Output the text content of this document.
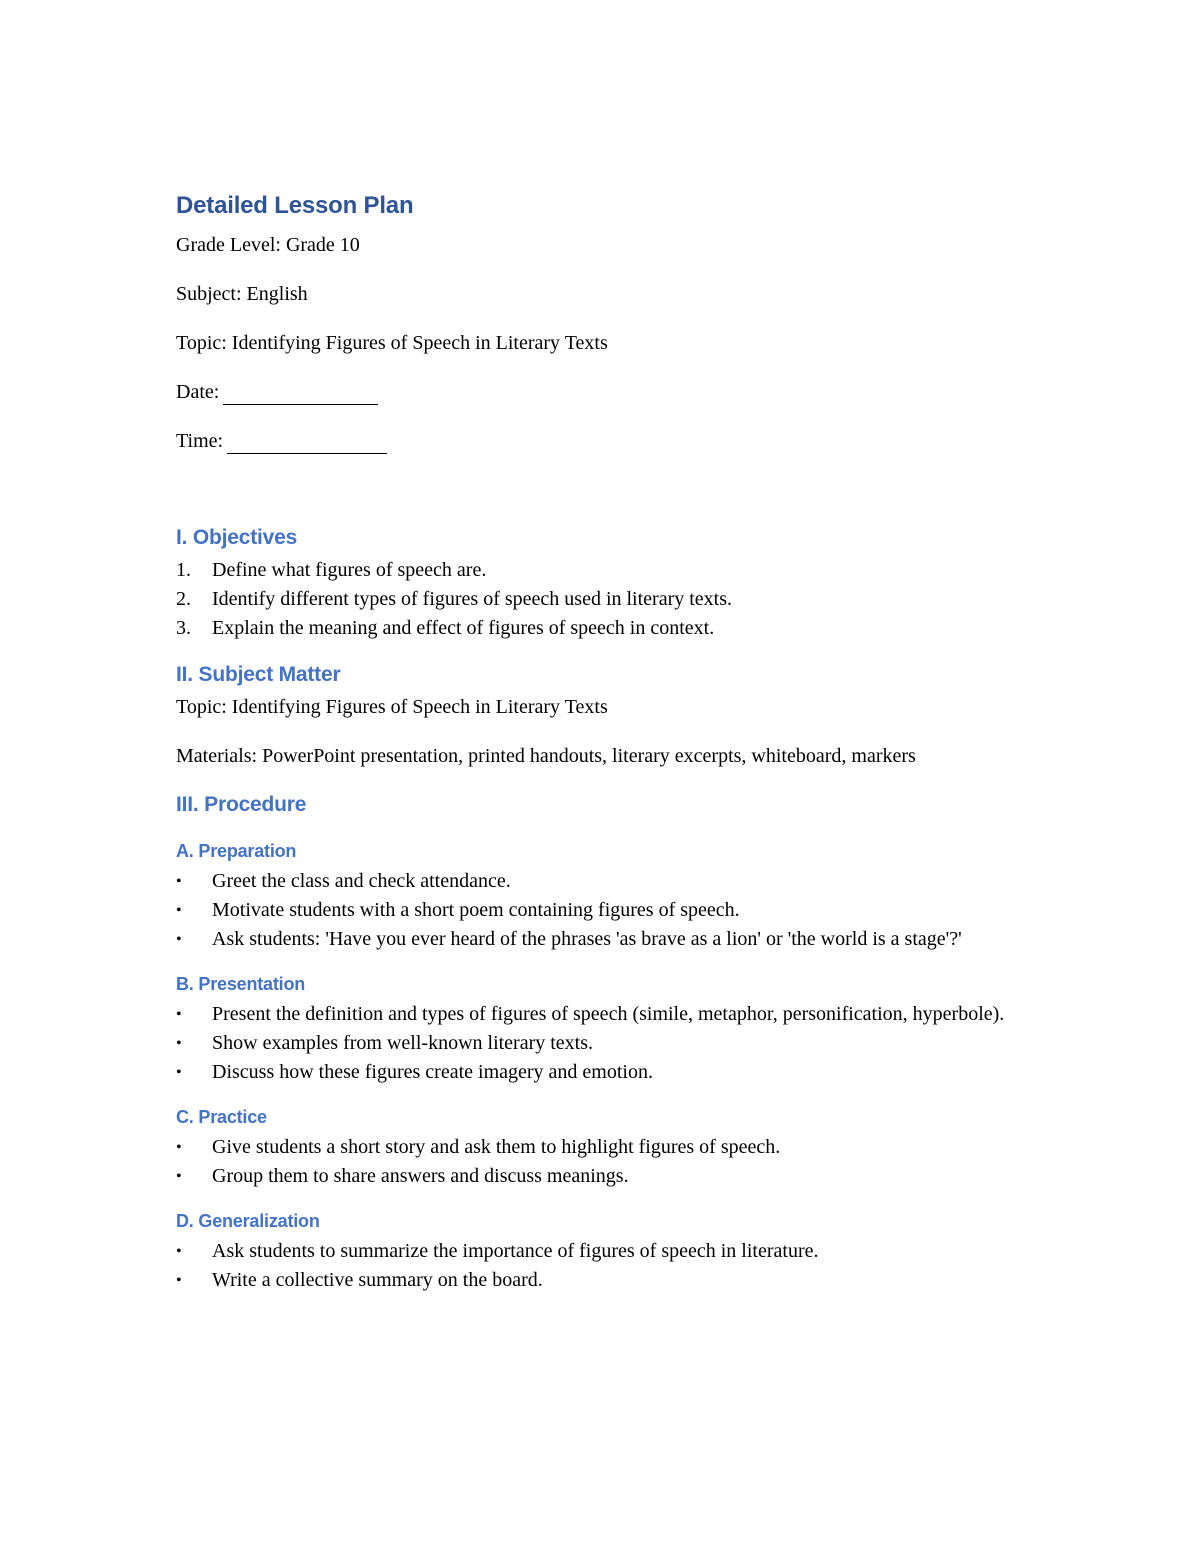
Detailed Lesson Plan
Grade Level: Grade 10
Subject: English
Topic: Identifying Figures of Speech in Literary Texts
Date:
Time:
I. Objectives
1.	Define what figures of speech are.
2.	Identify different types of figures of speech used in literary texts.
3.	Explain the meaning and effect of figures of speech in context.
II. Subject Matter
Topic: Identifying Figures of Speech in Literary Texts
Materials: PowerPoint presentation, printed handouts, literary excerpts, whiteboard, markers
III. Procedure
A. Preparation
• Greet the class and check attendance.
• Motivate students with a short poem containing figures of speech.
• Ask students: 'Have you ever heard of the phrases 'as brave as a lion' or 'the world is a stage'?'
B. Presentation
• Present the definition and types of figures of speech (simile, metaphor, personification, hyperbole).
• Show examples from well-known literary texts.
• Discuss how these figures create imagery and emotion.
C. Practice
• Give students a short story and ask them to highlight figures of speech.
• Group them to share answers and discuss meanings.
D. Generalization
• Ask students to summarize the importance of figures of speech in literature.
• Write a collective summary on the board.
